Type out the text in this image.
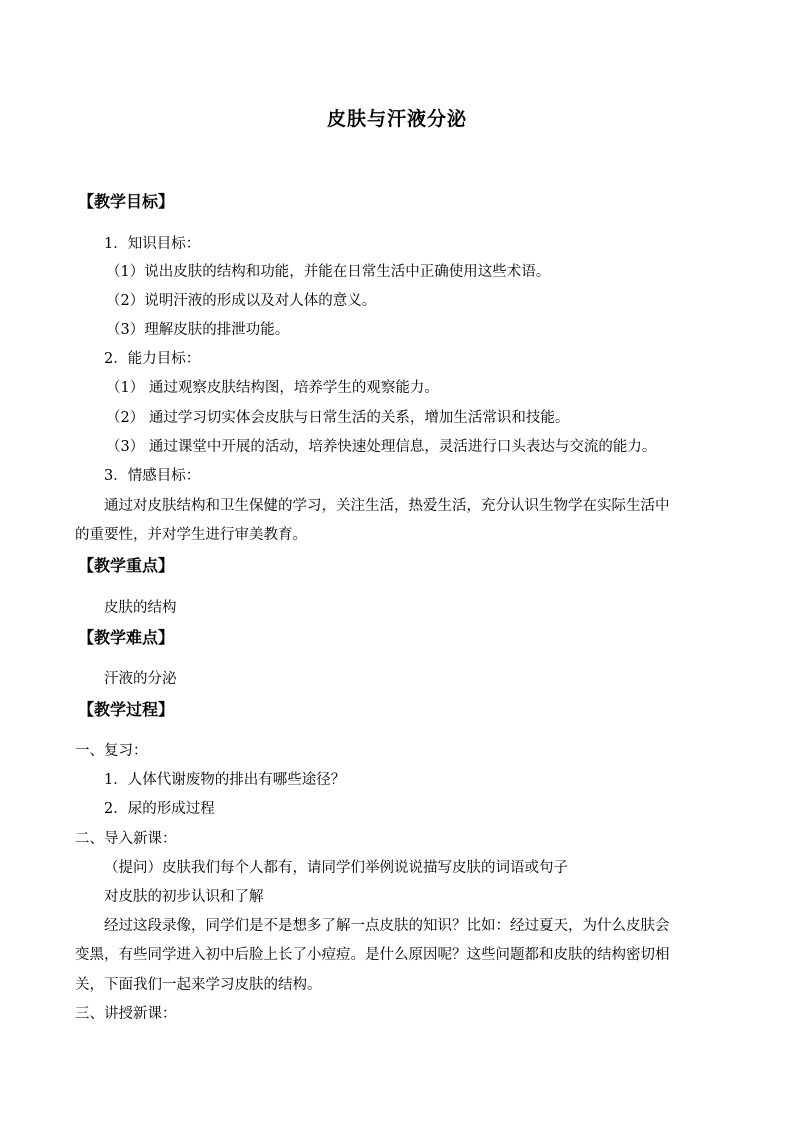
皮肤与汗液分泌
【教学目标】
1．知识目标：
（1）说出皮肤的结构和功能，并能在日常生活中正确使用这些术语。
（2）说明汗液的形成以及对人体的意义。
（3）理解皮肤的排泄功能。
2．能力目标：
（1） 通过观察皮肤结构图，培养学生的观察能力。
（2） 通过学习切实体会皮肤与日常生活的关系，增加生活常识和技能。
（3） 通过课堂中开展的活动，培养快速处理信息，灵活进行口头表达与交流的能力。
3．情感目标：
通过对皮肤结构和卫生保健的学习，关注生活，热爱生活，充分认识生物学在实际生活中
的重要性，并对学生进行审美教育。
【教学重点】
皮肤的结构
【教学难点】
汗液的分泌
【教学过程】
一、复习：
1．人体代谢废物的排出有哪些途径？
2．尿的形成过程
二、导入新课：
（提问）皮肤我们每个人都有，请同学们举例说说描写皮肤的词语或句子
对皮肤的初步认识和了解
经过这段录像，同学们是不是想多了解一点皮肤的知识？比如：经过夏天，为什么皮肤会
变黑，有些同学进入初中后脸上长了小痘痘。是什么原因呢？这些问题都和皮肤的结构密切相
关，下面我们一起来学习皮肤的结构。
三、讲授新课：
